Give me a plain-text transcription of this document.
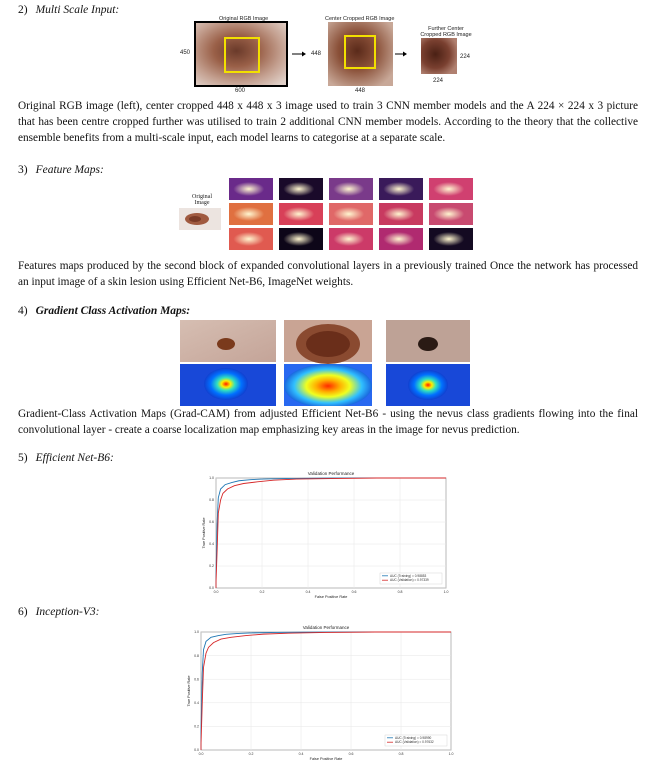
2) Multi Scale Input:
Original RGB Image	Center Cropped RGB Image
Further Center
Cropped RGB Image
450
600
448
448
224
224
Original RGB image (left), center cropped 448 x 448 x 3 image used to train 3 CNN member models and the A 224 × 224 x 3 picture that has been centre cropped further was utilised to train 2 additional CNN member models. According to the theory that the collective ensemble benefits from a multi-scale input, each model learns to categorise at a separate scale.
3) Feature Maps:
Original
Image
Features maps produced by the second block of expanded convolutional layers in a previously trained Once the network has processed an input image of a skin lesion using Efficient Net-B6, ImageNet weights.
4) Gradient Class Activation Maps:
Gradient-Class Activation Maps (Grad-CAM) from adjusted Efficient Net-B6 - using the nevus class gradients flowing into the final convolutional layer - create a coarse localization map emphasizing key areas in the image for nevus prediction.
5) Efficient Net-B6:
0.0	0.2	0.4	0.6	0.8	1.0
0.0
0.2
0.4
0.6
0.8
1.0
Validation Performance
False Positive Rate
True Positive Rate
AUC (Training) = 0.98853
AUC (Validation) = 0.97339
6) Inception-V3:
0.0	0.2	0.4	0.6	0.8	1.0
0.0
0.2
0.4
0.6
0.8
1.0
Validation Performance
False Positive Rate
True Positive Rate
AUC (Training) = 0.98990
AUC (Validation) = 0.97632
